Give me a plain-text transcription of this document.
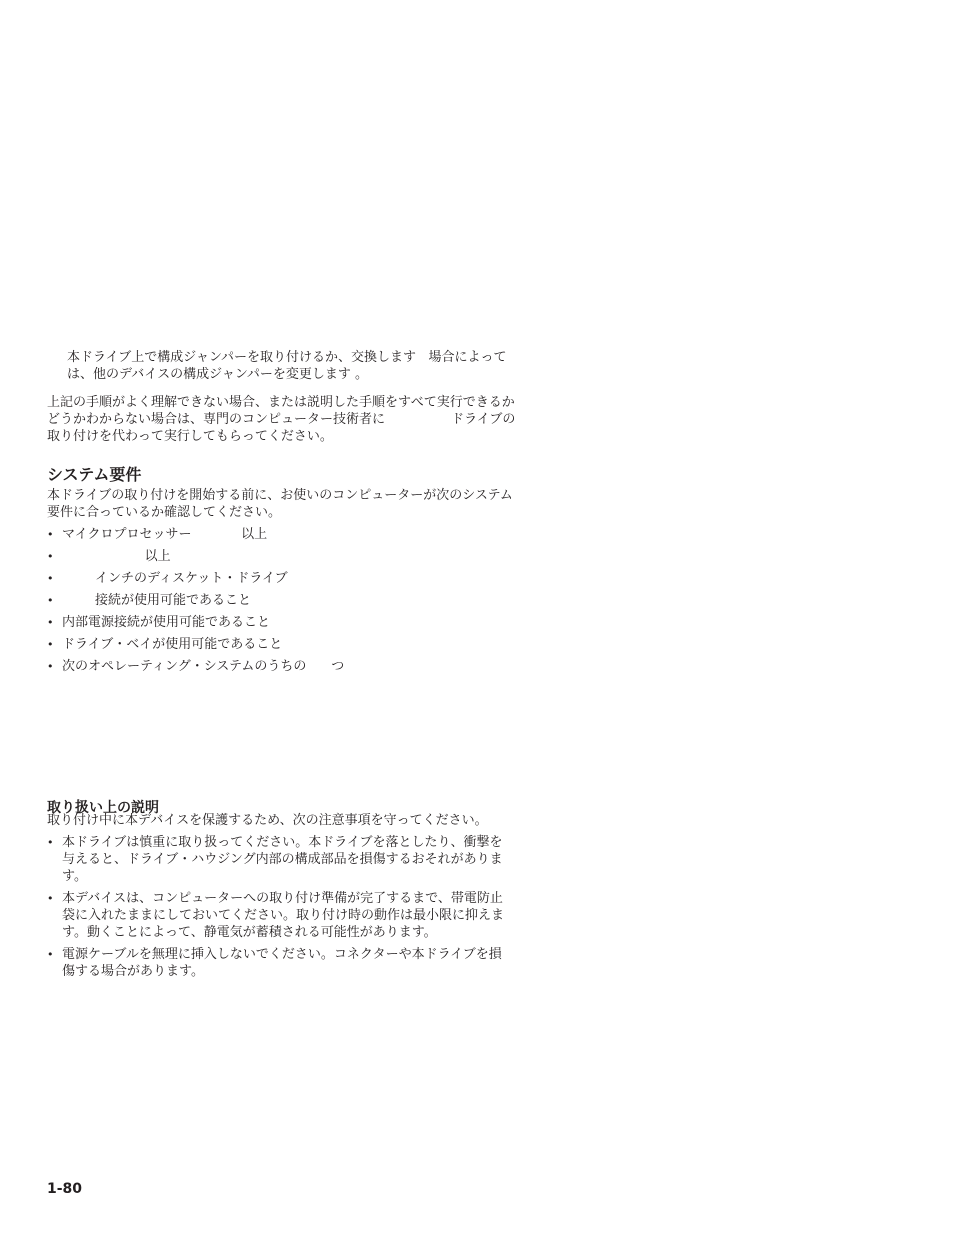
本ドライブ上で構成ジャンパーを取り付けるか、交換します   場合によって
は、他のデバイスの構成ジャンパーを変更します 。
上記の手順がよく理解できない場合、または説明した手順をすべて実行できるか
どうかわからない場合は、専門のコンピューター技術者に                ドライブの
取り付けを代わって実行してもらってください。
システム要件
本ドライブの取り付けを開始する前に、お使いのコンピューターが次のシステム
要件に合っているか確認してください。
• マイクロプロセッサー            以上
• 以上
• インチのディスケット・ドライブ
• 接続が使用可能であること
• 内部電源接続が使用可能であること
• ドライブ・ベイが使用可能であること
• 次のオペレーティング・システムのうちの      つ
取り扱い上の説明
取り付け中に本デバイスを保護するため、次の注意事項を守ってください。
• 本ドライブは慎重に取り扱ってください。本ドライブを落としたり、衝撃を
与えると、ドライブ・ハウジング内部の構成部品を損傷するおそれがありま
す。
• 本デバイスは、コンピューターへの取り付け準備が完了するまで、帯電防止
袋に入れたままにしておいてください。取り付け時の動作は最小限に抑えま
す。動くことによって、静電気が蓄積される可能性があります。
• 電源ケーブルを無理に挿入しないでください。コネクターや本ドライブを損
傷する場合があります。
1-80
